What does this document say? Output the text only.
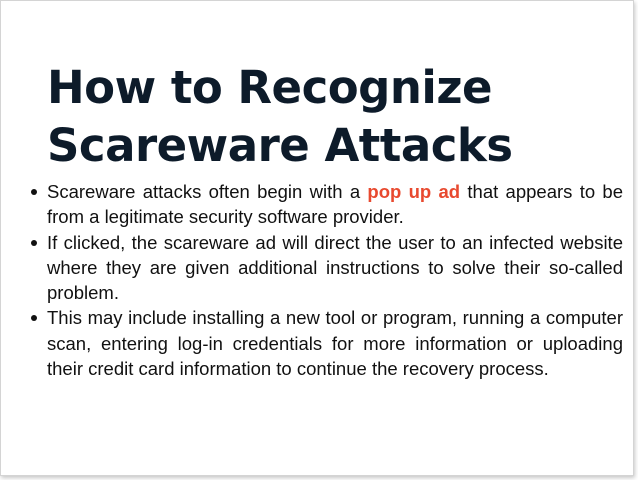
How to Recognize
Scareware Attacks
Scareware attacks often begin with a pop up ad that appears to be from a legitimate security software provider.
If clicked, the scareware ad will direct the user to an infected website where they are given additional instructions to solve their so-called problem.
This may include installing a new tool or program, running a computer scan, entering log-in credentials for more information or uploading their credit card information to continue the recovery process.
